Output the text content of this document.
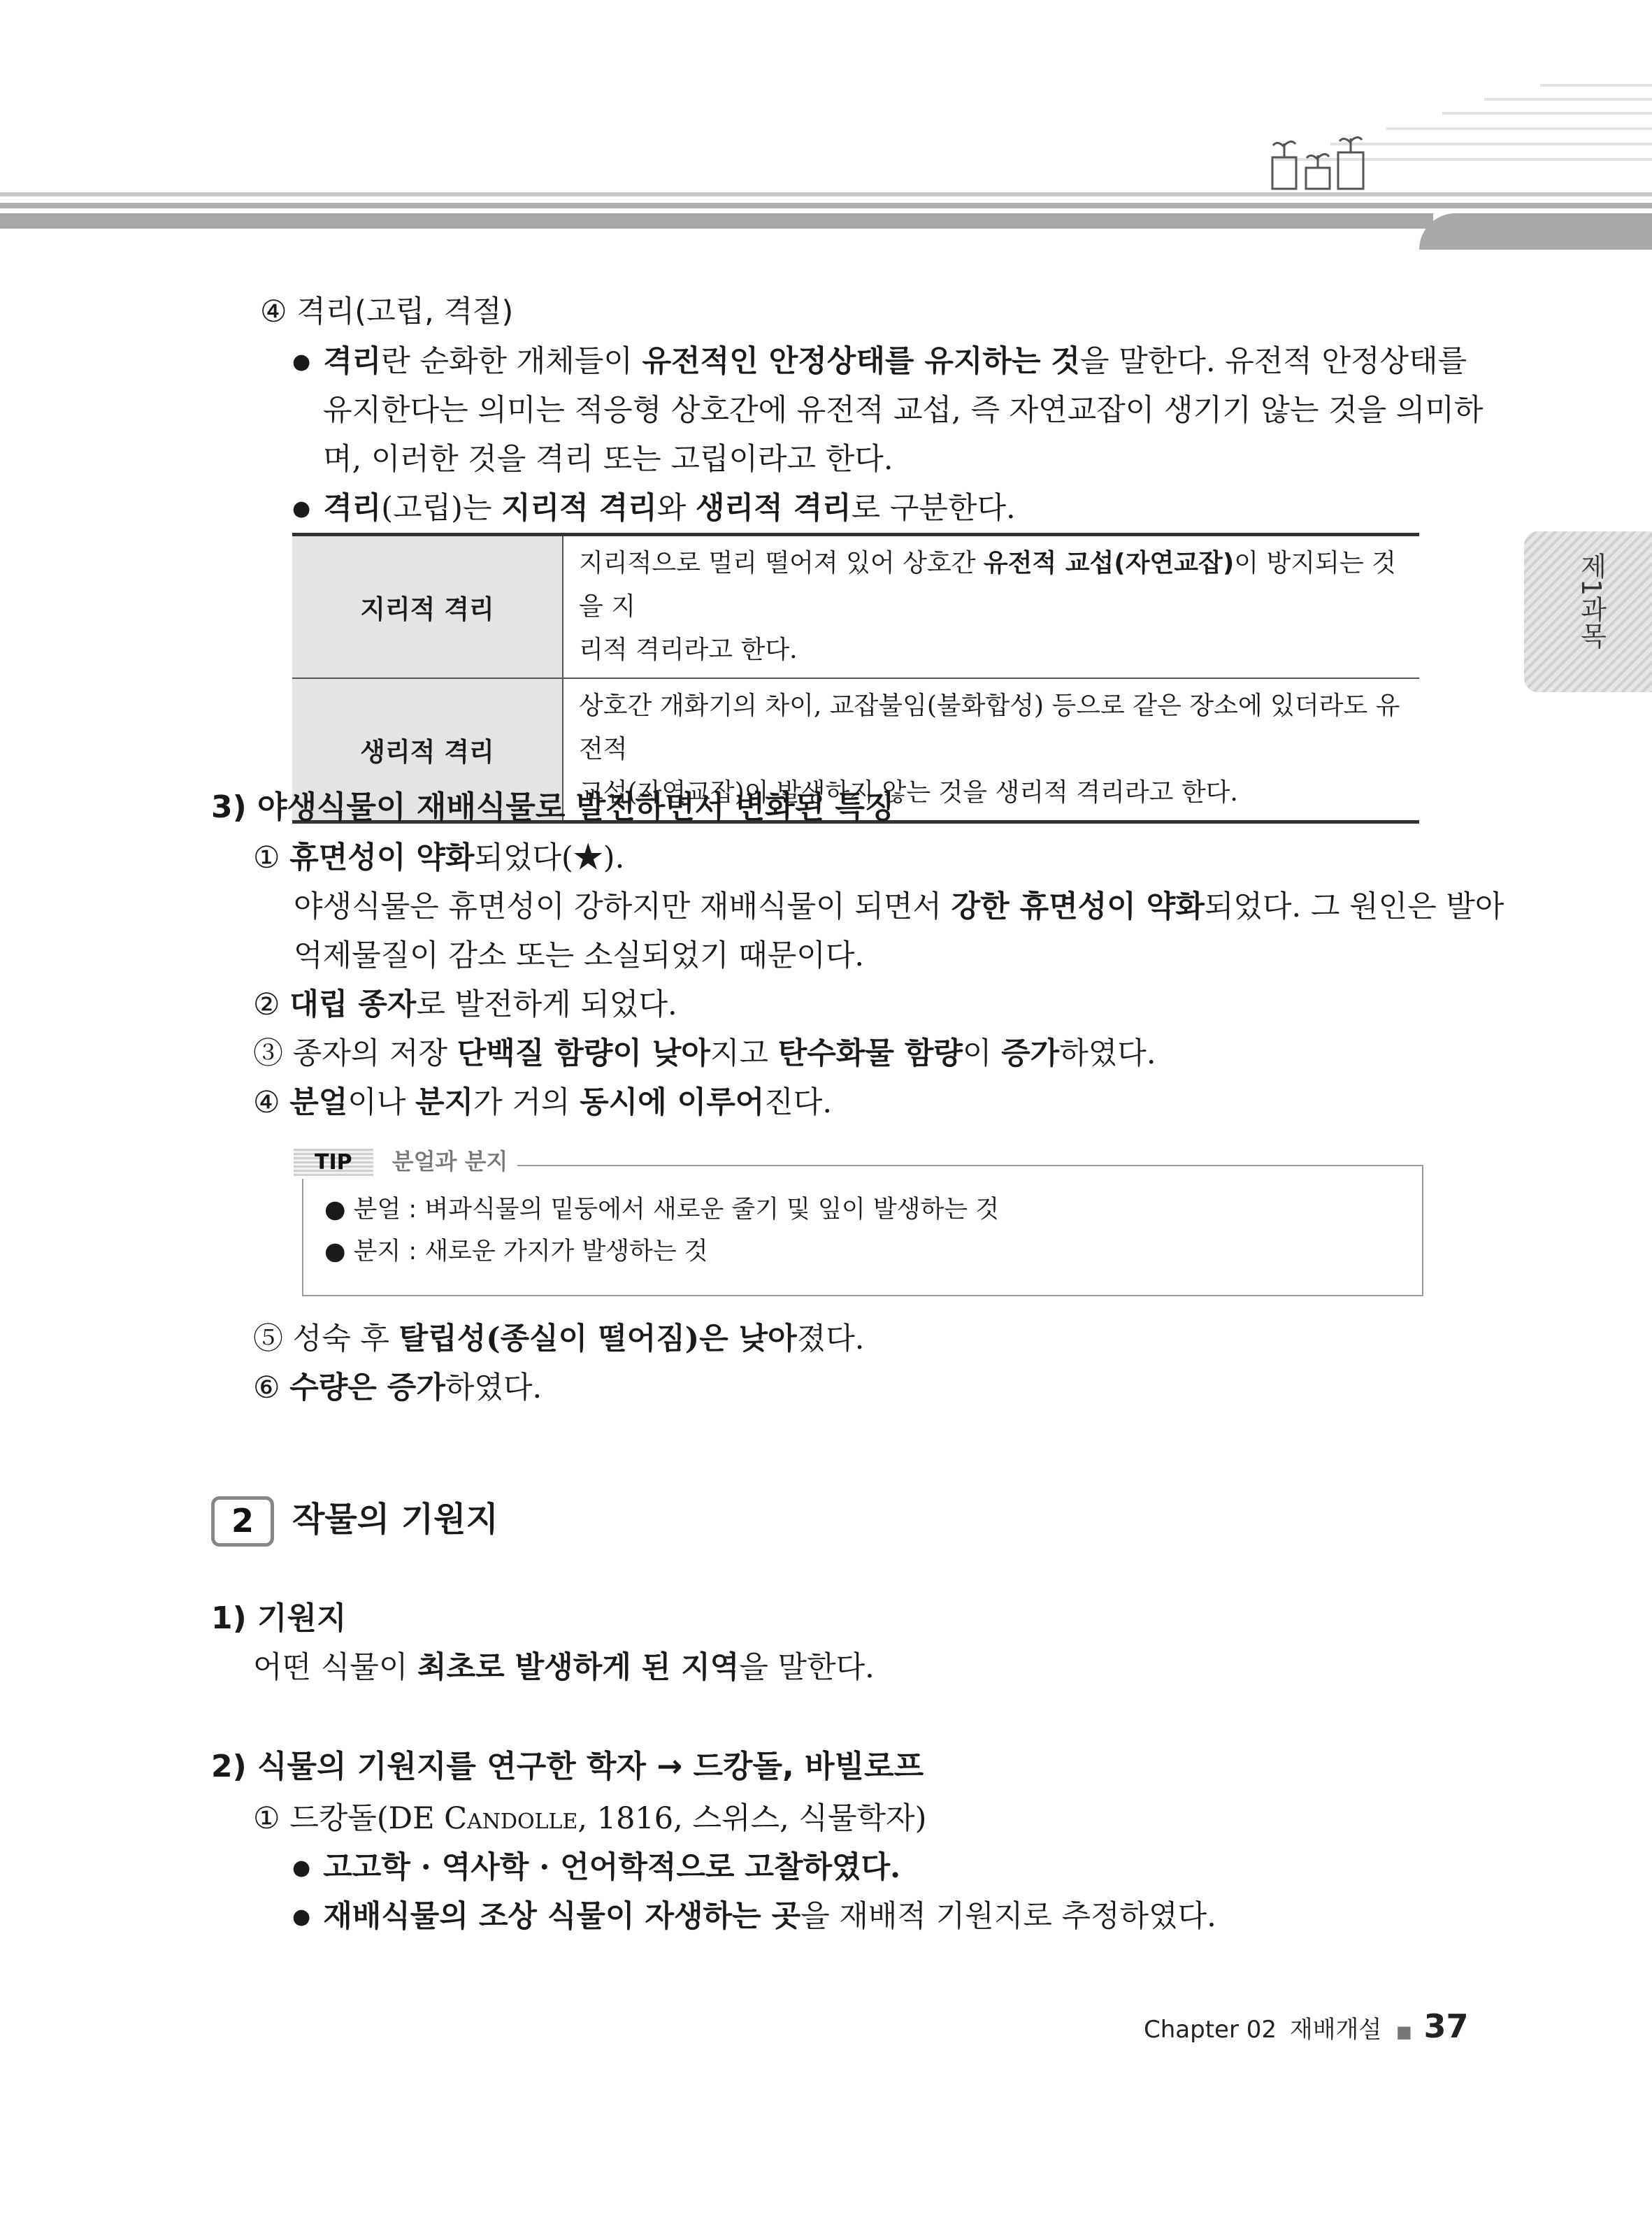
제1과목
④ 격리(고립, 격절)
● 격리란 순화한 개체들이 유전적인 안정상태를 유지하는 것을 말한다. 유전적 안정상태를
유지한다는 의미는 적응형 상호간에 유전적 교섭, 즉 자연교잡이 생기기 않는 것을 의미하
며, 이러한 것을 격리 또는 고립이라고 한다.
● 격리(고립)는 지리적 격리와 생리적 격리로 구분한다.
지리적 격리	지리적으로 멀리 떨어져 있어 상호간 유전적 교섭(자연교잡)이 방지되는 것을 지
리적 격리라고 한다.

생리적 격리	상호간 개화기의 차이, 교잡불임(불화합성) 등으로 같은 장소에 있더라도 유전적
교섭(자연교잡)이 발생하지 않는 것을 생리적 격리라고 한다.
3) 야생식물이 재배식물로 발전하면서 변화된 특징
① 휴면성이 약화되었다(★).
야생식물은 휴면성이 강하지만 재배식물이 되면서 강한 휴면성이 약화되었다. 그 원인은 발아
억제물질이 감소 또는 소실되었기 때문이다.
② 대립 종자로 발전하게 되었다.
③ 종자의 저장 단백질 함량이 낮아지고 탄수화물 함량이 증가하였다.
④ 분얼이나 분지가 거의 동시에 이루어진다.
● 분얼 : 벼과식물의 밑둥에서 새로운 줄기 및 잎이 발생하는 것
● 분지 : 새로운 가지가 발생하는 것
TIP 분얼과 분지
⑤ 성숙 후 탈립성(종실이 떨어짐)은 낮아졌다.
⑥ 수량은 증가하였다.
2	작물의 기원지
1) 기원지
어떤 식물이 최초로 발생하게 된 지역을 말한다.
2) 식물의 기원지를 연구한 학자 → 드캉돌, 바빌로프
① 드캉돌(DE CANDOLLE, 1816, 스위스, 식물학자)
● 고고학 · 역사학 · 언어학적으로 고찰하였다.
● 재배식물의 조상 식물이 자생하는 곳을 재배적 기원지로 추정하였다.
Chapter 02 재배개설 ■ 37
